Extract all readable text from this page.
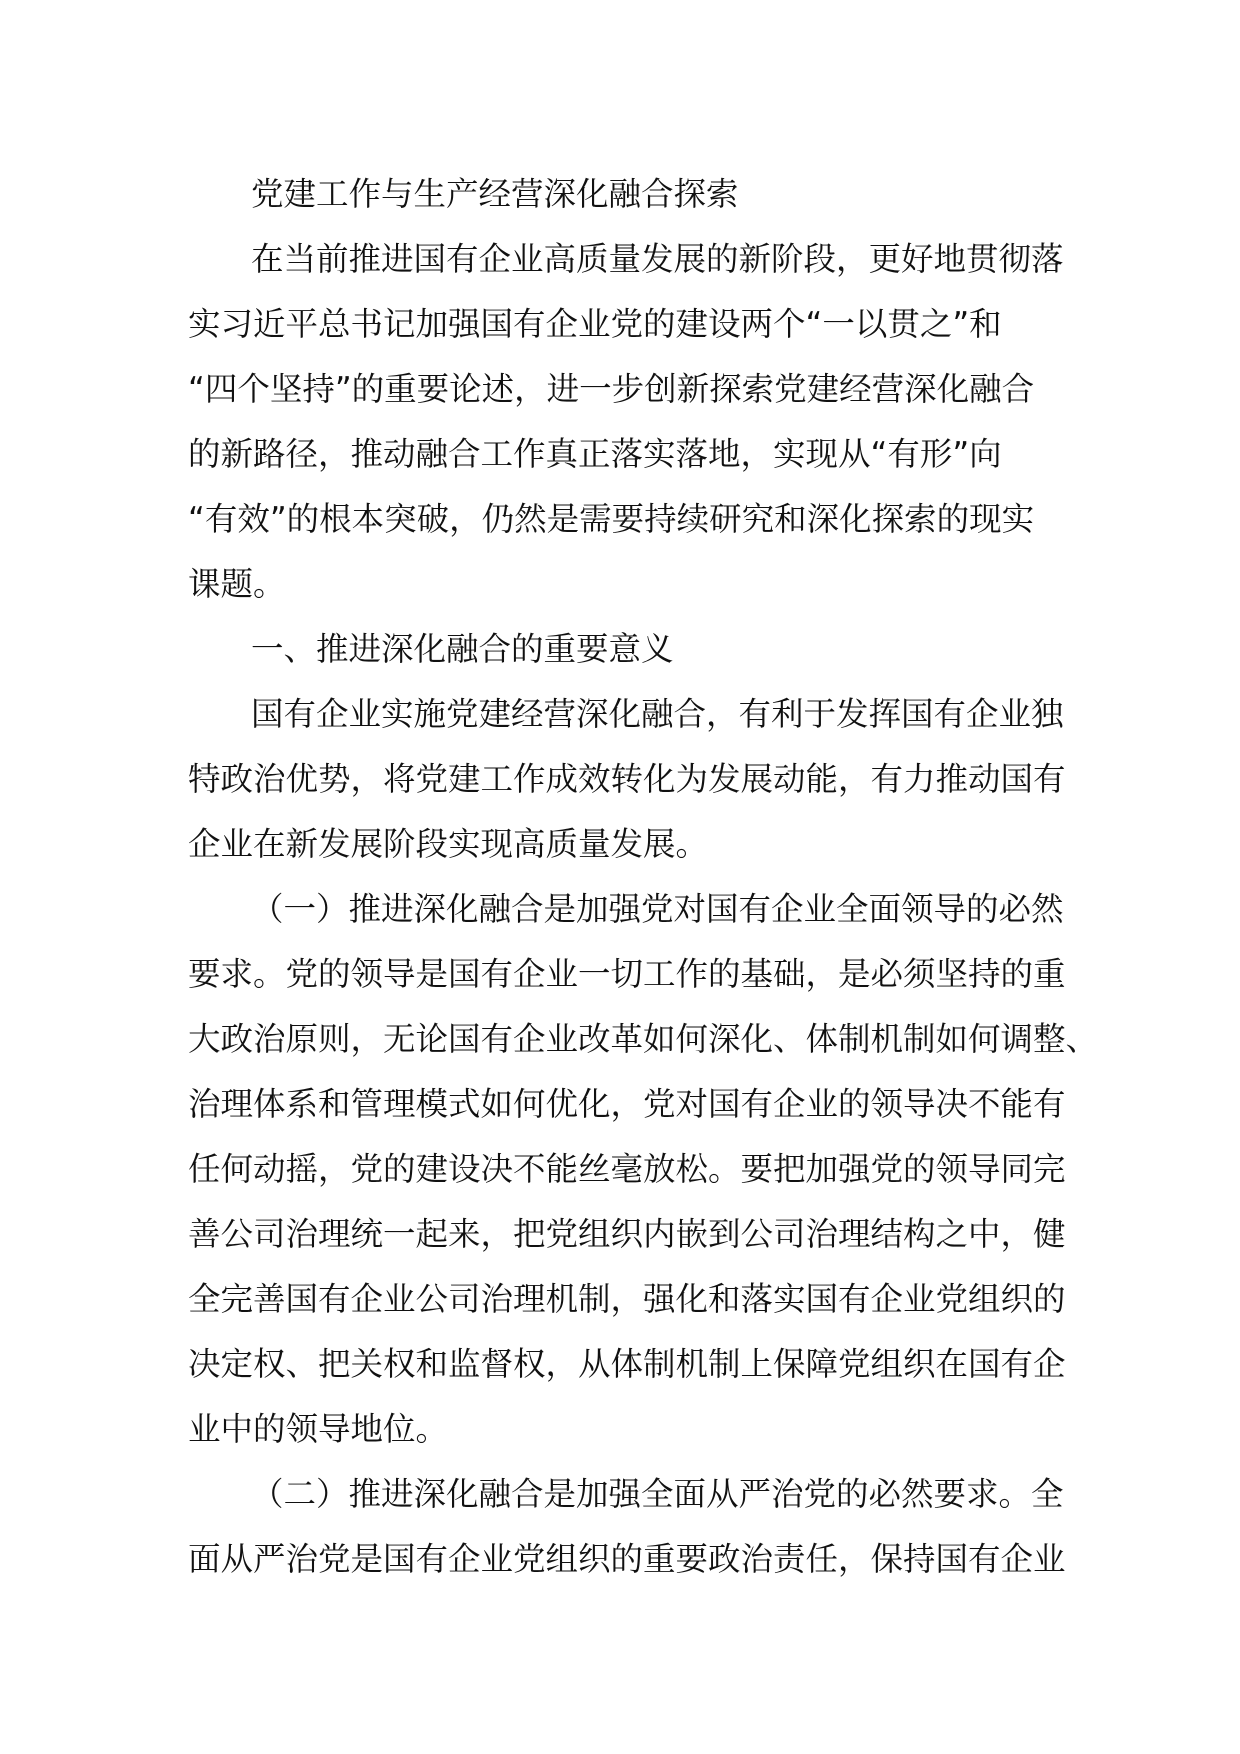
党建工作与生产经营深化融合探索
在当前推进国有企业高质量发展的新阶段，更好地贯彻落
实习近平总书记加强国有企业党的建设两个“一以贯之”和
“四个坚持”的重要论述，进一步创新探索党建经营深化融合
的新路径，推动融合工作真正落实落地，实现从“有形”向
“有效”的根本突破，仍然是需要持续研究和深化探索的现实
课题。
一、推进深化融合的重要意义
国有企业实施党建经营深化融合，有利于发挥国有企业独
特政治优势，将党建工作成效转化为发展动能，有力推动国有
企业在新发展阶段实现高质量发展。
（一）推进深化融合是加强党对国有企业全面领导的必然
要求。党的领导是国有企业一切工作的基础，是必须坚持的重
大政治原则，无论国有企业改革如何深化、体制机制如何调整、
治理体系和管理模式如何优化，党对国有企业的领导决不能有
任何动摇，党的建设决不能丝毫放松。要把加强党的领导同完
善公司治理统一起来，把党组织内嵌到公司治理结构之中，健
全完善国有企业公司治理机制，强化和落实国有企业党组织的
决定权、把关权和监督权，从体制机制上保障党组织在国有企
业中的领导地位。
（二）推进深化融合是加强全面从严治党的必然要求。全
面从严治党是国有企业党组织的重要政治责任，保持国有企业
